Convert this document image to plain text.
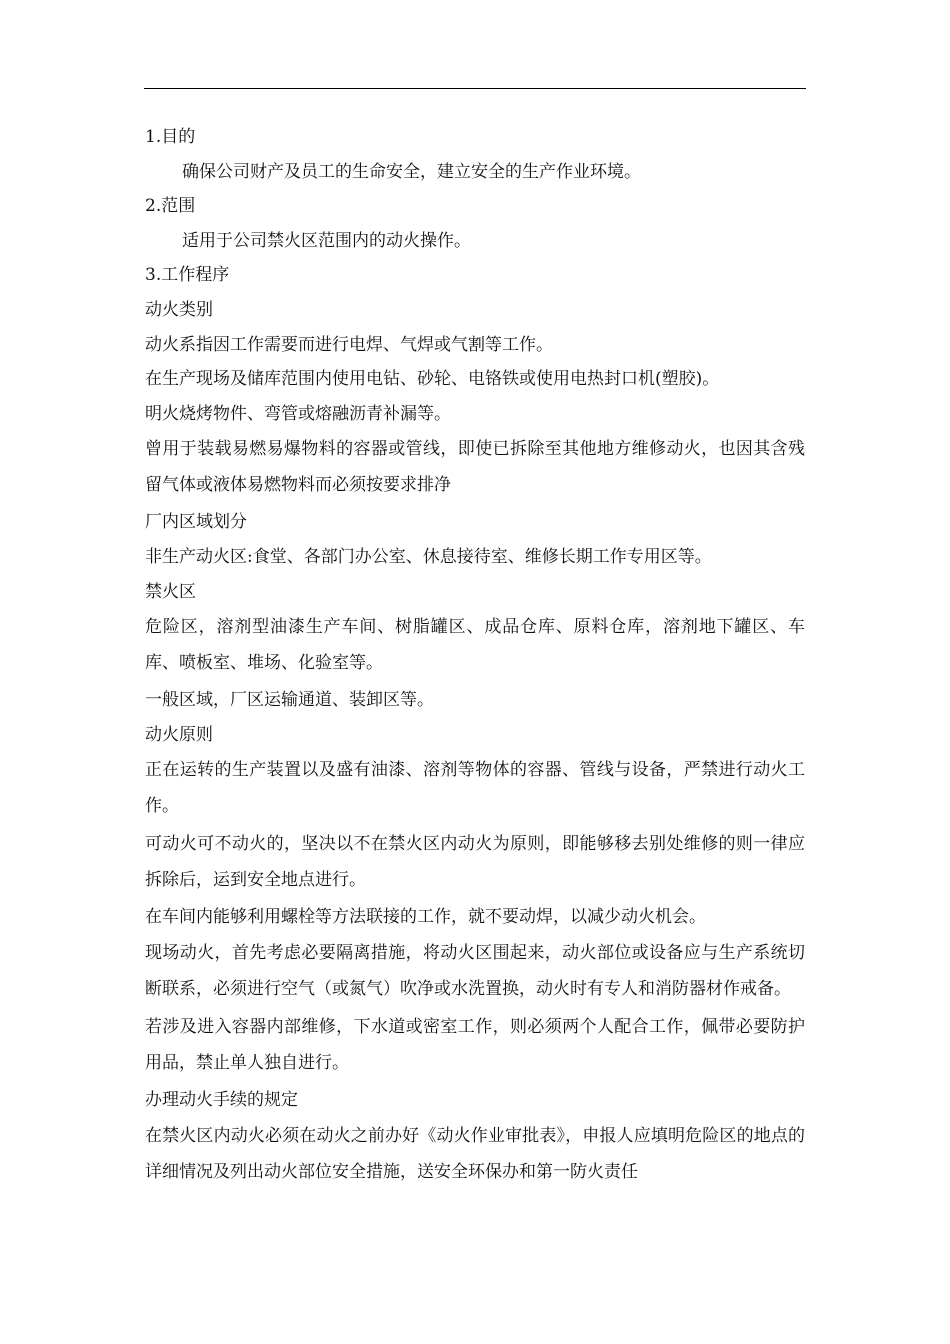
1.目的
确保公司财产及员工的生命安全，建立安全的生产作业环境。
2.范围
适用于公司禁火区范围内的动火操作。
3.工作程序
动火类别
动火系指因工作需要而进行电焊、气焊或气割等工作。
在生产现场及储库范围内使用电钻、砂轮、电铬铁或使用电热封口机(塑胶)。
明火烧烤物件、弯管或熔融沥青补漏等。
曾用于装载易燃易爆物料的容器或管线，即使已拆除至其他地方维修动火，也因其含残留气体或液体易燃物料而必须按要求排净
厂内区域划分
非生产动火区:食堂、各部门办公室、休息接待室、维修长期工作专用区等。
禁火区
危险区，溶剂型油漆生产车间、树脂罐区、成品仓库、原料仓库，溶剂地下罐区、车库、喷板室、堆场、化验室等。
一般区域，厂区运输通道、装卸区等。
动火原则
正在运转的生产装置以及盛有油漆、溶剂等物体的容器、管线与设备，严禁进行动火工作。
可动火可不动火的，坚决以不在禁火区内动火为原则，即能够移去别处维修的则一律应拆除后，运到安全地点进行。
在车间内能够利用螺栓等方法联接的工作，就不要动焊，以减少动火机会。
现场动火，首先考虑必要隔离措施，将动火区围起来，动火部位或设备应与生产系统切断联系，必须进行空气（或氮气）吹净或水洗置换，动火时有专人和消防器材作戒备。
若涉及进入容器内部维修，下水道或密室工作，则必须两个人配合工作，佩带必要防护用品，禁止单人独自进行。
办理动火手续的规定
在禁火区内动火必须在动火之前办好《动火作业审批表》，申报人应填明危险区的地点的详细情况及列出动火部位安全措施，送安全环保办和第一防火责任
